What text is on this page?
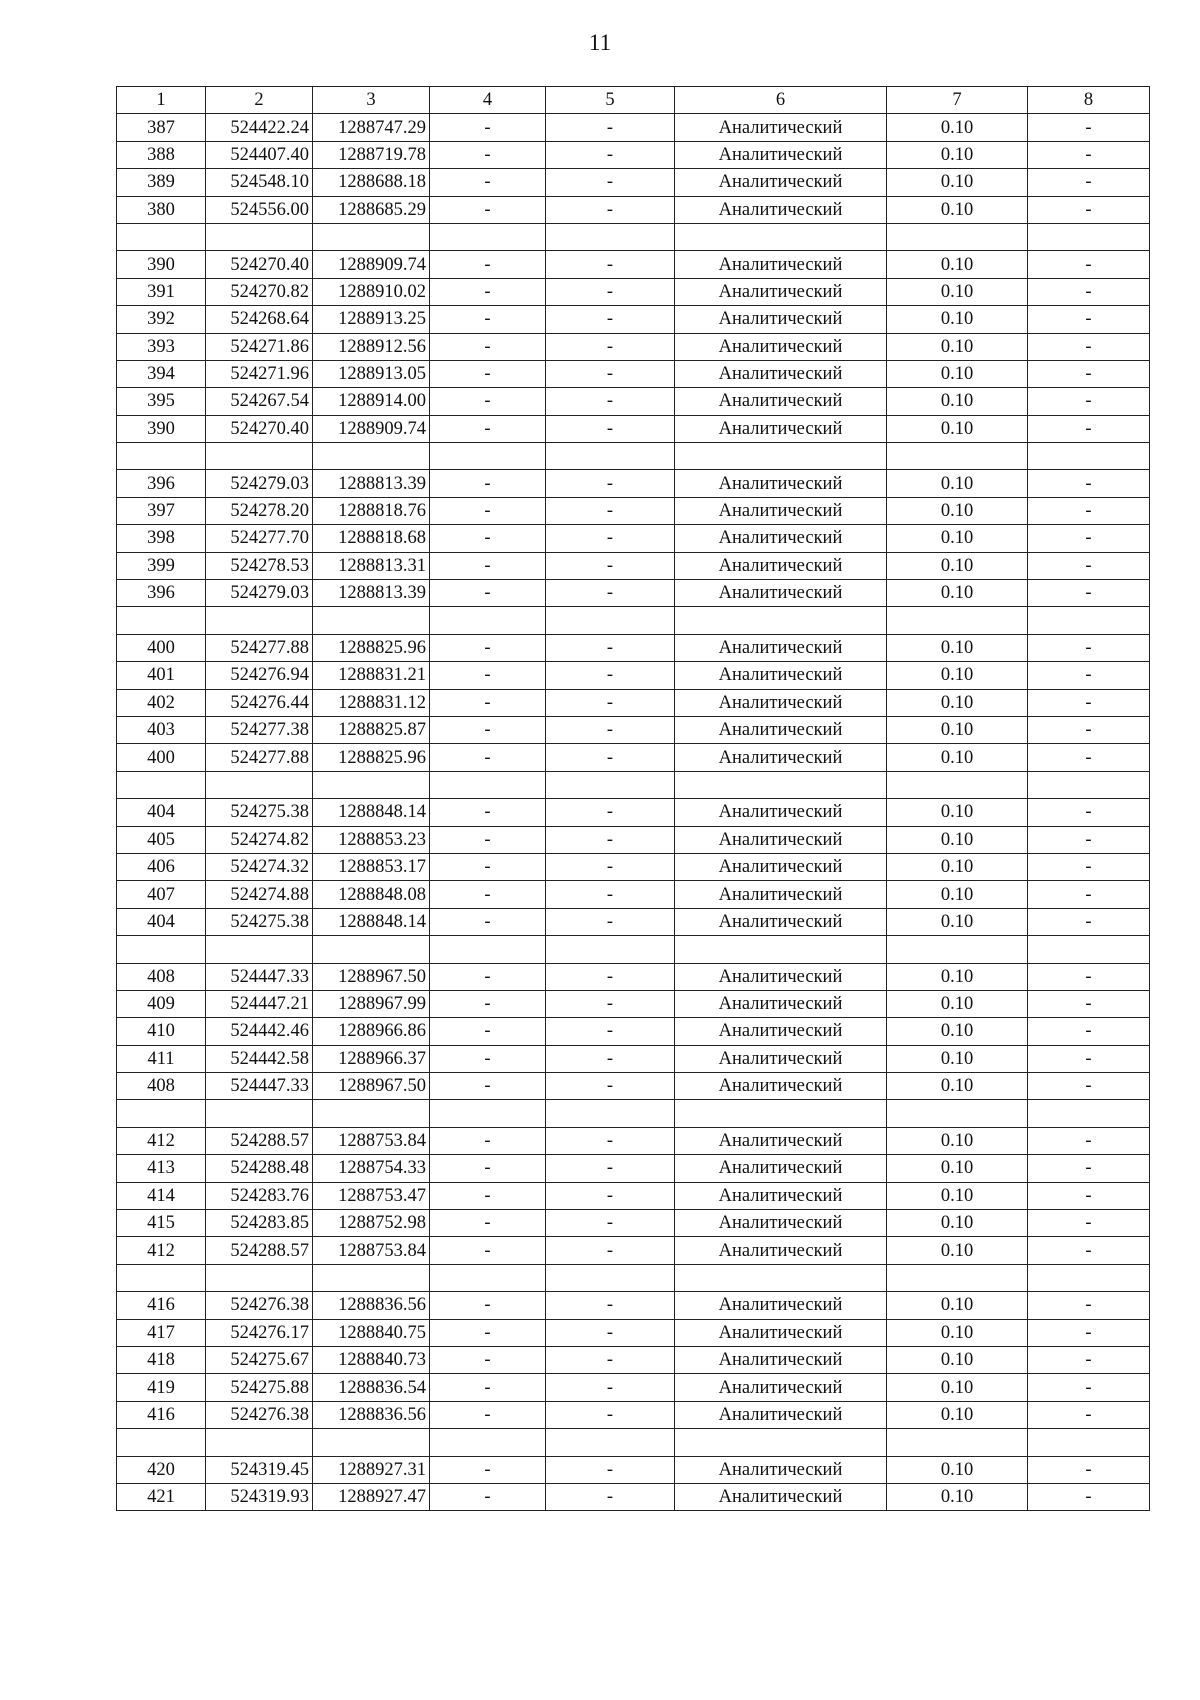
11
1	2	3	4	5	6	7	8
387	524422.24	1288747.29	-	-	Аналитический	0.10	-
388	524407.40	1288719.78	-	-	Аналитический	0.10	-
389	524548.10	1288688.18	-	-	Аналитический	0.10	-
380	524556.00	1288685.29	-	-	Аналитический	0.10	-

390	524270.40	1288909.74	-	-	Аналитический	0.10	-
391	524270.82	1288910.02	-	-	Аналитический	0.10	-
392	524268.64	1288913.25	-	-	Аналитический	0.10	-
393	524271.86	1288912.56	-	-	Аналитический	0.10	-
394	524271.96	1288913.05	-	-	Аналитический	0.10	-
395	524267.54	1288914.00	-	-	Аналитический	0.10	-
390	524270.40	1288909.74	-	-	Аналитический	0.10	-

396	524279.03	1288813.39	-	-	Аналитический	0.10	-
397	524278.20	1288818.76	-	-	Аналитический	0.10	-
398	524277.70	1288818.68	-	-	Аналитический	0.10	-
399	524278.53	1288813.31	-	-	Аналитический	0.10	-
396	524279.03	1288813.39	-	-	Аналитический	0.10	-

400	524277.88	1288825.96	-	-	Аналитический	0.10	-
401	524276.94	1288831.21	-	-	Аналитический	0.10	-
402	524276.44	1288831.12	-	-	Аналитический	0.10	-
403	524277.38	1288825.87	-	-	Аналитический	0.10	-
400	524277.88	1288825.96	-	-	Аналитический	0.10	-

404	524275.38	1288848.14	-	-	Аналитический	0.10	-
405	524274.82	1288853.23	-	-	Аналитический	0.10	-
406	524274.32	1288853.17	-	-	Аналитический	0.10	-
407	524274.88	1288848.08	-	-	Аналитический	0.10	-
404	524275.38	1288848.14	-	-	Аналитический	0.10	-

408	524447.33	1288967.50	-	-	Аналитический	0.10	-
409	524447.21	1288967.99	-	-	Аналитический	0.10	-
410	524442.46	1288966.86	-	-	Аналитический	0.10	-
411	524442.58	1288966.37	-	-	Аналитический	0.10	-
408	524447.33	1288967.50	-	-	Аналитический	0.10	-

412	524288.57	1288753.84	-	-	Аналитический	0.10	-
413	524288.48	1288754.33	-	-	Аналитический	0.10	-
414	524283.76	1288753.47	-	-	Аналитический	0.10	-
415	524283.85	1288752.98	-	-	Аналитический	0.10	-
412	524288.57	1288753.84	-	-	Аналитический	0.10	-

416	524276.38	1288836.56	-	-	Аналитический	0.10	-
417	524276.17	1288840.75	-	-	Аналитический	0.10	-
418	524275.67	1288840.73	-	-	Аналитический	0.10	-
419	524275.88	1288836.54	-	-	Аналитический	0.10	-
416	524276.38	1288836.56	-	-	Аналитический	0.10	-

420	524319.45	1288927.31	-	-	Аналитический	0.10	-
421	524319.93	1288927.47	-	-	Аналитический	0.10	-
